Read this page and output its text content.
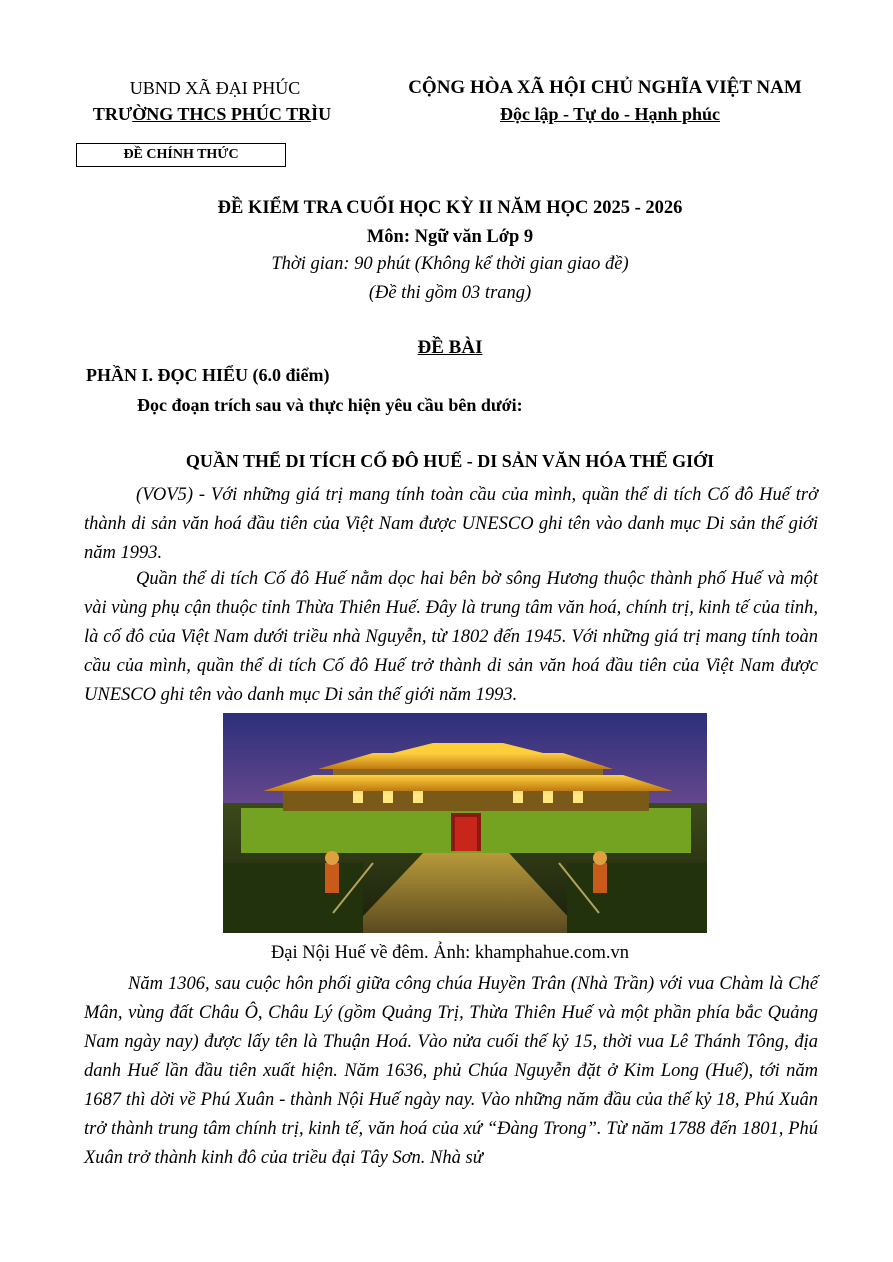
UBND XÃ ĐẠI PHÚC
TRƯỜNG THCS PHÚC TRÌU
CỘNG HÒA XÃ HỘI CHỦ NGHĨA VIỆT NAM
Độc lập - Tự do - Hạnh phúc
ĐỀ CHÍNH THỨC
ĐỀ KIỂM TRA CUỐI HỌC KỲ II NĂM HỌC 2025 - 2026
Môn: Ngữ văn Lớp 9
Thời gian: 90 phút (Không kể thời gian giao đề)
(Đề thi gồm 03 trang)
ĐỀ BÀI
PHẦN I. ĐỌC HIỂU (6.0 điểm)
Đọc đoạn trích sau và thực hiện yêu cầu bên dưới:
QUẦN THỂ DI TÍCH CỐ ĐÔ HUẾ - DI SẢN VĂN HÓA THẾ GIỚI
(VOV5) - Với những giá trị mang tính toàn cầu của mình, quần thể di tích Cố đô Huế trở thành di sản văn hoá đầu tiên của Việt Nam được UNESCO ghi tên vào danh mục Di sản thế giới năm 1993.
Quần thể di tích Cố đô Huế nằm dọc hai bên bờ sông Hương thuộc thành phố Huế và một vài vùng phụ cận thuộc tỉnh Thừa Thiên Huế. Đây là trung tâm văn hoá, chính trị, kinh tế của tỉnh, là cố đô của Việt Nam dưới triều nhà Nguyễn, từ 1802 đến 1945. Với những giá trị mang tính toàn cầu của mình, quần thể di tích Cố đô Huế trở thành di sản văn hoá đầu tiên của Việt Nam được UNESCO ghi tên vào danh mục Di sản thế giới năm 1993.
Đại Nội Huế về đêm. Ảnh: khamphahue.com.vn
Năm 1306, sau cuộc hôn phối giữa công chúa Huyền Trân (Nhà Trần) với vua Chàm là Chế Mân, vùng đất Châu Ô, Châu Lý (gồm Quảng Trị, Thừa Thiên Huế và một phần phía bắc Quảng Nam ngày nay) được lấy tên là Thuận Hoá. Vào nửa cuối thế kỷ 15, thời vua Lê Thánh Tông, địa danh Huế lần đầu tiên xuất hiện. Năm 1636, phủ Chúa Nguyễn đặt ở Kim Long (Huế), tới năm 1687 thì dời về Phú Xuân - thành Nội Huế ngày nay. Vào những năm đầu của thế kỷ 18, Phú Xuân trở thành trung tâm chính trị, kinh tế, văn hoá của xứ “Đàng Trong”. Từ năm 1788 đến 1801, Phú Xuân trở thành kinh đô của triều đại Tây Sơn. Nhà sử
